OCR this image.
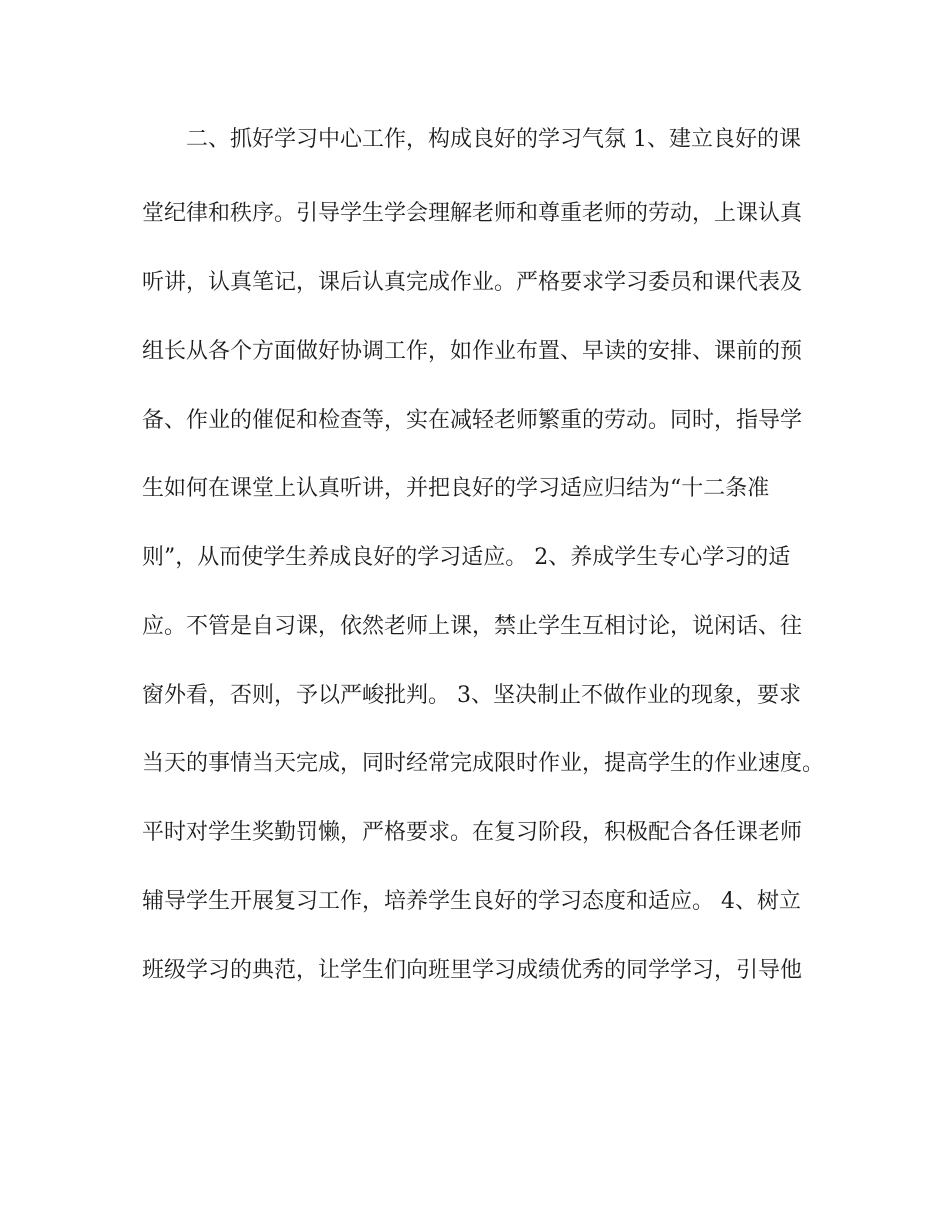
二、抓好学习中心工作，构成良好的学习气氛 1、建立良好的课

堂纪律和秩序。引导学生学会理解老师和尊重老师的劳动，上课认真

听讲，认真笔记，课后认真完成作业。严格要求学习委员和课代表及

组长从各个方面做好协调工作，如作业布置、早读的安排、课前的预

备、作业的催促和检查等，实在减轻老师繁重的劳动。同时，指导学

生如何在课堂上认真听讲，并把良好的学习适应归结为“十二条准

则”，从而使学生养成良好的学习适应。 2、养成学生专心学习的适

应。不管是自习课，依然老师上课，禁止学生互相讨论，说闲话、往

窗外看，否则，予以严峻批判。 3、坚决制止不做作业的现象，要求

当天的事情当天完成，同时经常完成限时作业，提高学生的作业速度。

平时对学生奖勤罚懒，严格要求。在复习阶段，积极配合各任课老师

辅导学生开展复习工作，培养学生良好的学习态度和适应。 4、树立

班级学习的典范，让学生们向班里学习成绩优秀的同学学习，引导他
